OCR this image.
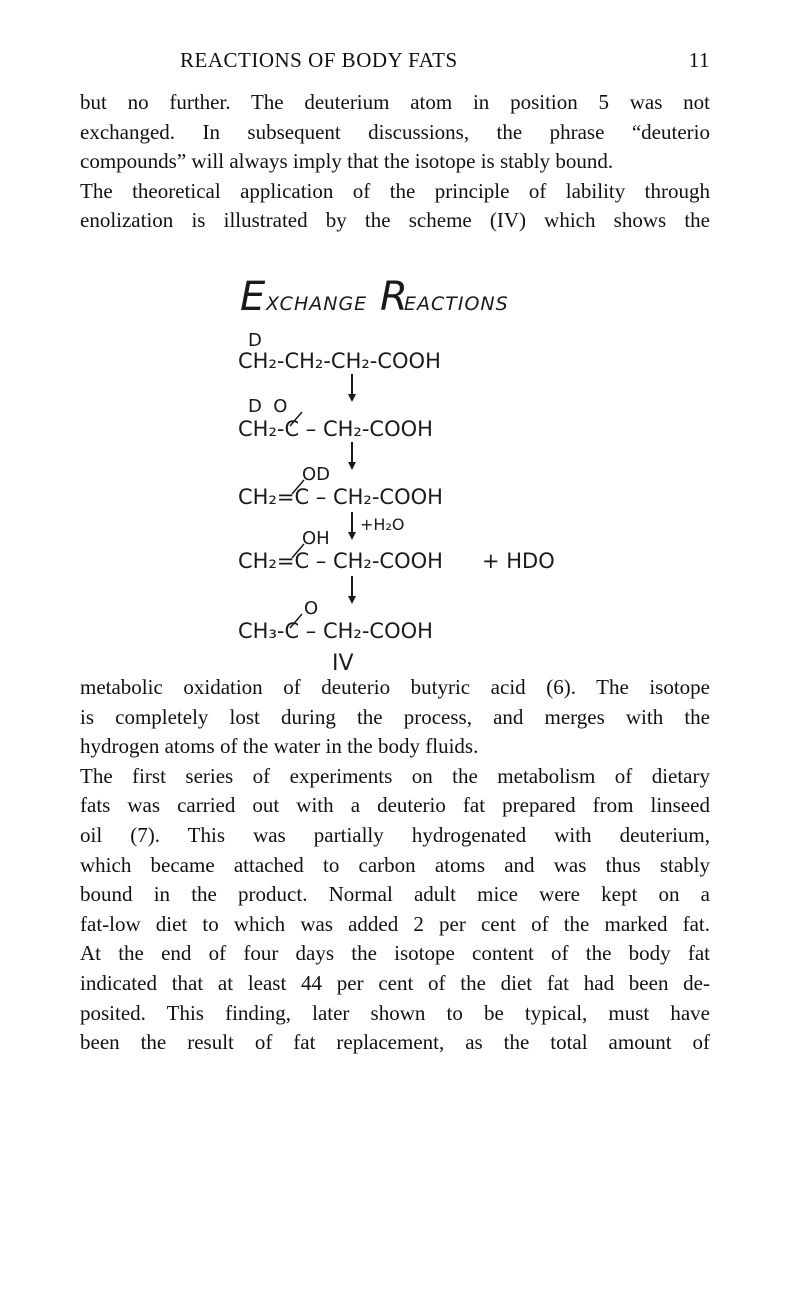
REACTIONS OF BODY FATS	11
but no further. The deuterium atom in position 5 was not
exchanged. In subsequent discussions, the phrase “deuterio
compounds” will always imply that the isotope is stably bound.
The theoretical application of the principle of lability through
enolization is illustrated by the scheme (IV) which shows the
E XCHANGE R
EACTIONS
D
CH₂-CH₂-CH₂-COOH
D  O
CH₂-C – CH₂-COOH
OD
CH₂=C – CH₂-COOH
+H₂O
OH
CH₂=C – CH₂-COOH + HDO
O
CH₃-C – CH₂-COOH
IV
metabolic oxidation of deuterio butyric acid (6). The isotope
is completely lost during the process, and merges with the
hydrogen atoms of the water in the body fluids.
The first series of experiments on the metabolism of dietary
fats was carried out with a deuterio fat prepared from linseed
oil (7). This was partially hydrogenated with deuterium,
which became attached to carbon atoms and was thus stably
bound in the product. Normal adult mice were kept on a
fat-low diet to which was added 2 per cent of the marked fat.
At the end of four days the isotope content of the body fat
indicated that at least 44 per cent of the diet fat had been de-
posited. This finding, later shown to be typical, must have
been the result of fat replacement, as the total amount of
